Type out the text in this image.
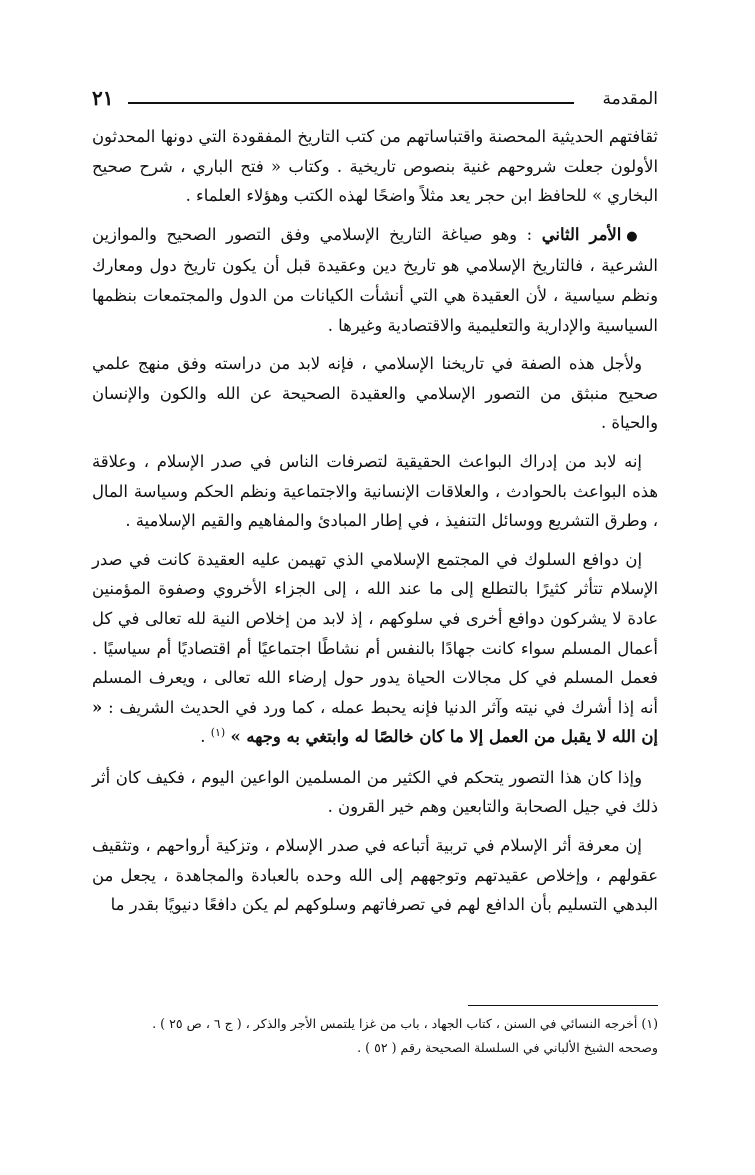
المقدمة
٢١

ثقافتهم الحديثية المحصنة واقتباساتهم من كتب التاريخ المفقودة التي دونها المحدثون الأولون جعلت شروحهم غنية بنصوص تاريخية . وكتاب « فتح الباري ، شرح صحيح البخاري » للحافظ ابن حجر يعد مثلاً واضحًا لهذه الكتب وهؤلاء العلماء .

●الأمر الثاني : وهو صياغة التاريخ الإسلامي وفق التصور الصحيح والموازين الشرعية ، فالتاريخ الإسلامي هو تاريخ دين وعقيدة قبل أن يكون تاريخ دول ومعارك ونظم سياسية ، لأن العقيدة هي التي أنشأت الكيانات من الدول والمجتمعات بنظمها السياسية والإدارية والتعليمية والاقتصادية وغيرها .

ولأجل هذه الصفة في تاريخنا الإسلامي ، فإنه لابد من دراسته وفق منهج علمي صحيح منبثق من التصور الإسلامي والعقيدة الصحيحة عن الله والكون والإنسان والحياة .

إنه لابد من إدراك البواعث الحقيقية لتصرفات الناس في صدر الإسلام ، وعلاقة هذه البواعث بالحوادث ، والعلاقات الإنسانية والاجتماعية ونظم الحكم وسياسة المال ، وطرق التشريع ووسائل التنفيذ ، في إطار المبادئ والمفاهيم والقيم الإسلامية .

إن دوافع السلوك في المجتمع الإسلامي الذي تهيمن عليه العقيدة كانت في صدر الإسلام تتأثر كثيرًا بالتطلع إلى ما عند الله ، إلى الجزاء الأخروي وصفوة المؤمنين عادة لا يشركون دوافع أخرى في سلوكهم ، إذ لابد من إخلاص النية لله تعالى في كل أعمال المسلم سواء كانت جهادًا بالنفس أم نشاطًا اجتماعيًا أم اقتصاديًا أم سياسيًا . فعمل المسلم في كل مجالات الحياة يدور حول إرضاء الله تعالى ، ويعرف المسلم أنه إذا أشرك في نيته وآثر الدنيا فإنه يحبط عمله ، كما ورد في الحديث الشريف : « إن الله لا يقبل من العمل إلا ما كان خالصًا له وابتغي به وجهه » $^{(١)}$ .

وإذا كان هذا التصور يتحكم في الكثير من المسلمين الواعين اليوم ، فكيف كان أثر ذلك في جيل الصحابة والتابعين وهم خير القرون .

إن معرفة أثر الإسلام في تربية أتباعه في صدر الإسلام ، وتزكية أرواحهم ، وتثقيف عقولهم ، وإخلاص عقيدتهم وتوجههم إلى الله وحده بالعبادة والمجاهدة ، يجعل من البدهي التسليم بأن الدافع لهم في تصرفاتهم وسلوكهم لم يكن دافعًا دنيويًا بقدر ما

(١) أخرجه النسائي في السنن ، كتاب الجهاد ، باب من غزا يلتمس الأجر والذكر ، ( ج ٦ ، ص ٢٥ ) .

وصححه الشيخ الألباني في السلسلة الصحيحة رقم ( ٥٢ ) .
